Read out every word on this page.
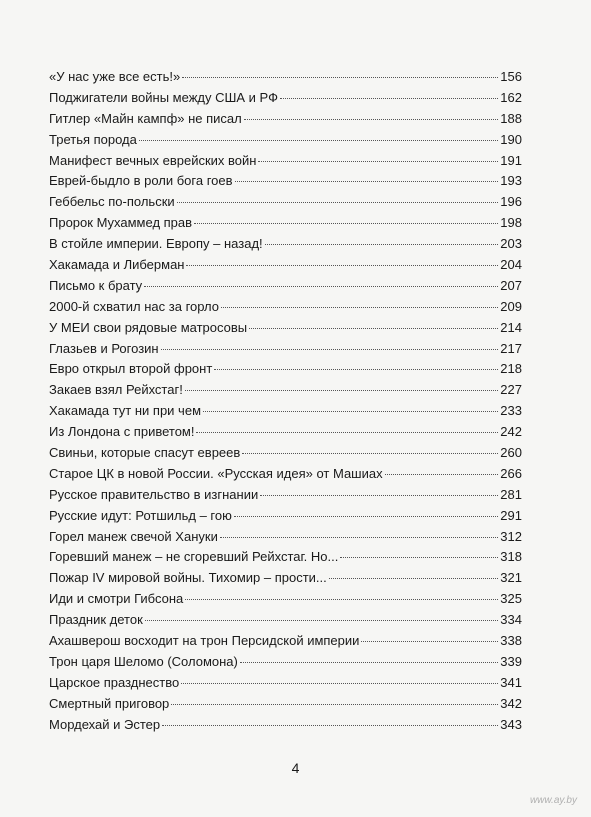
«У нас уже все есть!»	156
Поджигатели войны между США и РФ	162
Гитлер «Майн кампф» не писал	188
Третья порода	190
Манифест вечных еврейских войн	191
Еврей-быдло в роли бога гоев	193
Геббельс по-польски	196
Пророк Мухаммед прав	198
В стойле империи. Европу – назад!	203
Хакамада и Либерман	204
Письмо к брату	207
2000-й схватил нас за горло	209
У МЕИ свои рядовые матросовы	214
Глазьев и Рогозин	217
Евро открыл второй фронт	218
Закаев взял Рейхстаг!	227
Хакамада тут ни при чем	233
Из Лондона с приветом!	242
Свиньи, которые спасут евреев	260
Старое ЦК в новой России. «Русская идея» от Машиах	266
Русское правительство в изгнании	281
Русские идут: Ротшильд – гою	291
Горел манеж свечой Хануки	312
Горевший манеж – не сгоревший Рейхстаг. Но...	318
Пожар IV мировой войны. Тихомир – прости...	321
Иди и смотри Гибсона	325
Праздник деток	334
Ахашверош восходит на трон Персидской империи	338
Трон царя Шеломо (Соломона)	339
Царское празднество	341
Смертный приговор	342
Мордехай и Эстер	343
4
www.ay.by
